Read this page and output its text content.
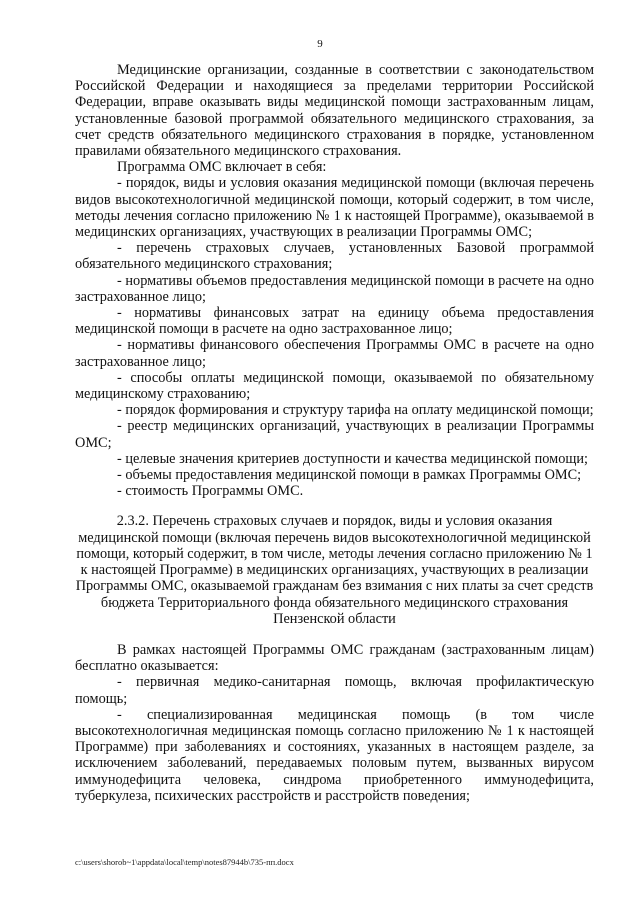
9

Медицинские организации, созданные в соответствии с законодательством Российской Федерации и находящиеся за пределами территории Российской Федерации, вправе оказывать виды медицинской помощи застрахованным лицам, установленные базовой программой обязательного медицинского страхования, за счет средств обязательного медицинского страхования в порядке, установленном правилами обязательного медицинского страхования.

Программа ОМС включает в себя:

- порядок, виды и условия оказания медицинской помощи (включая перечень видов высокотехнологичной медицинской помощи, который содержит, в том числе, методы лечения согласно приложению № 1 к настоящей Программе), оказываемой в медицинских организациях, участвующих в реализации Программы ОМС;

- перечень страховых случаев, установленных Базовой программой обязательного медицинского страхования;

- нормативы объемов предоставления медицинской помощи в расчете на одно застрахованное лицо;

- нормативы финансовых затрат на единицу объема предоставления медицинской помощи в расчете на одно застрахованное лицо;

- нормативы финансового обеспечения Программы ОМС в расчете на одно застрахованное лицо;

- способы оплаты медицинской помощи, оказываемой по обязательному медицинскому страхованию;

- порядок формирования и структуру тарифа на оплату медицинской помощи;

- реестр медицинских организаций, участвующих в реализации Программы ОМС;

- целевые значения критериев доступности и качества медицинской помощи;

- объемы предоставления медицинской помощи в рамках Программы ОМС;

- стоимость Программы ОМС.

2.3.2. Перечень страховых случаев и порядок, виды и условия оказания медицинской помощи (включая перечень видов высокотехнологичной медицинской помощи, который содержит, в том числе, методы лечения согласно приложению № 1 к настоящей Программе) в медицинских организациях, участвующих в реализации Программы ОМС, оказываемой гражданам без взимания с них платы за счет средств бюджета Территориального фонда обязательного медицинского страхования Пензенской области

В рамках настоящей Программы ОМС гражданам (застрахованным лицам) бесплатно оказывается:

- первичная медико-санитарная помощь, включая профилактическую помощь;

- специализированная медицинская помощь (в том числе высокотехнологичная медицинская помощь согласно приложению № 1 к настоящей Программе) при заболеваниях и состояниях, указанных в настоящем разделе, за исключением заболеваний, передаваемых половым путем, вызванных вирусом иммунодефицита человека, синдрома приобретенного иммунодефицита, туберкулеза, психических расстройств и расстройств поведения;

c:\users\shorob~1\appdata\local\temp\notes87944b\735-пп.docx
